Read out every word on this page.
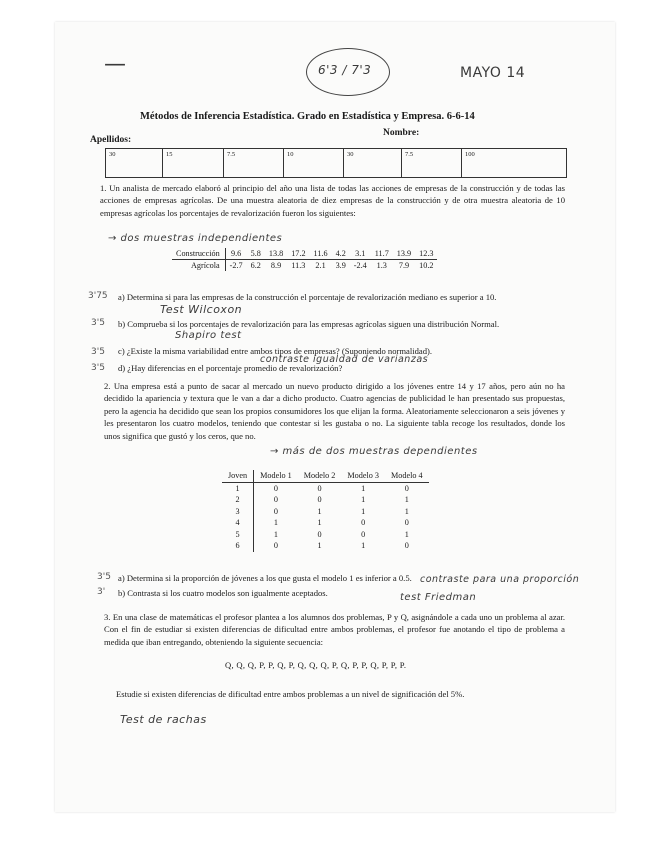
—	6'3 / 7'3	MAYO 14
Métodos de Inferencia Estadística. Grado en Estadística y Empresa. 6-6-14
Apellidos:
Nombre:
30	15	7.5	10	30	7.5	100
1. Un analista de mercado elaboró al principio del año una lista de todas las acciones de empresas de la construcción y de todas las acciones de empresas agrícolas. De una muestra aleatoria de diez empresas de la construcción y de otra muestra aleatoria de 10 empresas agrícolas los porcentajes de revalorización fueron los siguientes:
→ dos muestras independientes
Construcción	9.6	5.8	13.8	17.2	11.6	4.2	3.1	11.7	13.9	12.3
Agrícola	-2.7	6.2	8.9	11.3	2.1	3.9	-2.4	1.3	7.9	10.2
3'75 a) Determina si para las empresas de la construcción el porcentaje de revalorización mediano es superior a 10.
Test Wilcoxon
3'5 b) Comprueba si los porcentajes de revalorización para las empresas agrícolas siguen una distribución Normal.
Shapiro test
3'5 c) ¿Existe la misma variabilidad entre ambos tipos de empresas? (Suponiendo normalidad).
contraste igualdad de varianzas
3'5 d) ¿Hay diferencias en el porcentaje promedio de revalorización?
2. Una empresa está a punto de sacar al mercado un nuevo producto dirigido a los jóvenes entre 14 y 17 años, pero aún no ha decidido la apariencia y textura que le van a dar a dicho producto. Cuatro agencias de publicidad le han presentado sus propuestas, pero la agencia ha decidido que sean los propios consumidores los que elijan la forma. Aleatoriamente seleccionaron a seis jóvenes y les presentaron los cuatro modelos, teniendo que contestar si les gustaba o no. La siguiente tabla recoge los resultados, donde los unos significa que gustó y los ceros, que no.
→ más de dos muestras dependientes
Joven	Modelo 1	Modelo 2	Modelo 3	Modelo 4
1	0	0	1	0
2	0	0	1	1
3	0	1	1	1
4	1	1	0	0
5	1	0	0	1
6	0	1	1	0
3'5 a) Determina si la proporción de jóvenes a los que gusta el modelo 1 es inferior a 0.5. contraste para una proporción
3' b) Contrasta si los cuatro modelos son igualmente aceptados.	test Friedman
3. En una clase de matemáticas el profesor plantea a los alumnos dos problemas, P y Q, asignándole a cada uno un problema al azar. Con el fin de estudiar si existen diferencias de dificultad entre ambos problemas, el profesor fue anotando el tipo de problema a medida que iban entregando, obteniendo la siguiente secuencia:
Q, Q, Q, P, P, Q, P, Q, Q, Q, P, Q, P, P, Q, P, P, P.
Estudie si existen diferencias de dificultad entre ambos problemas a un nivel de significación del 5%.
Test de rachas
